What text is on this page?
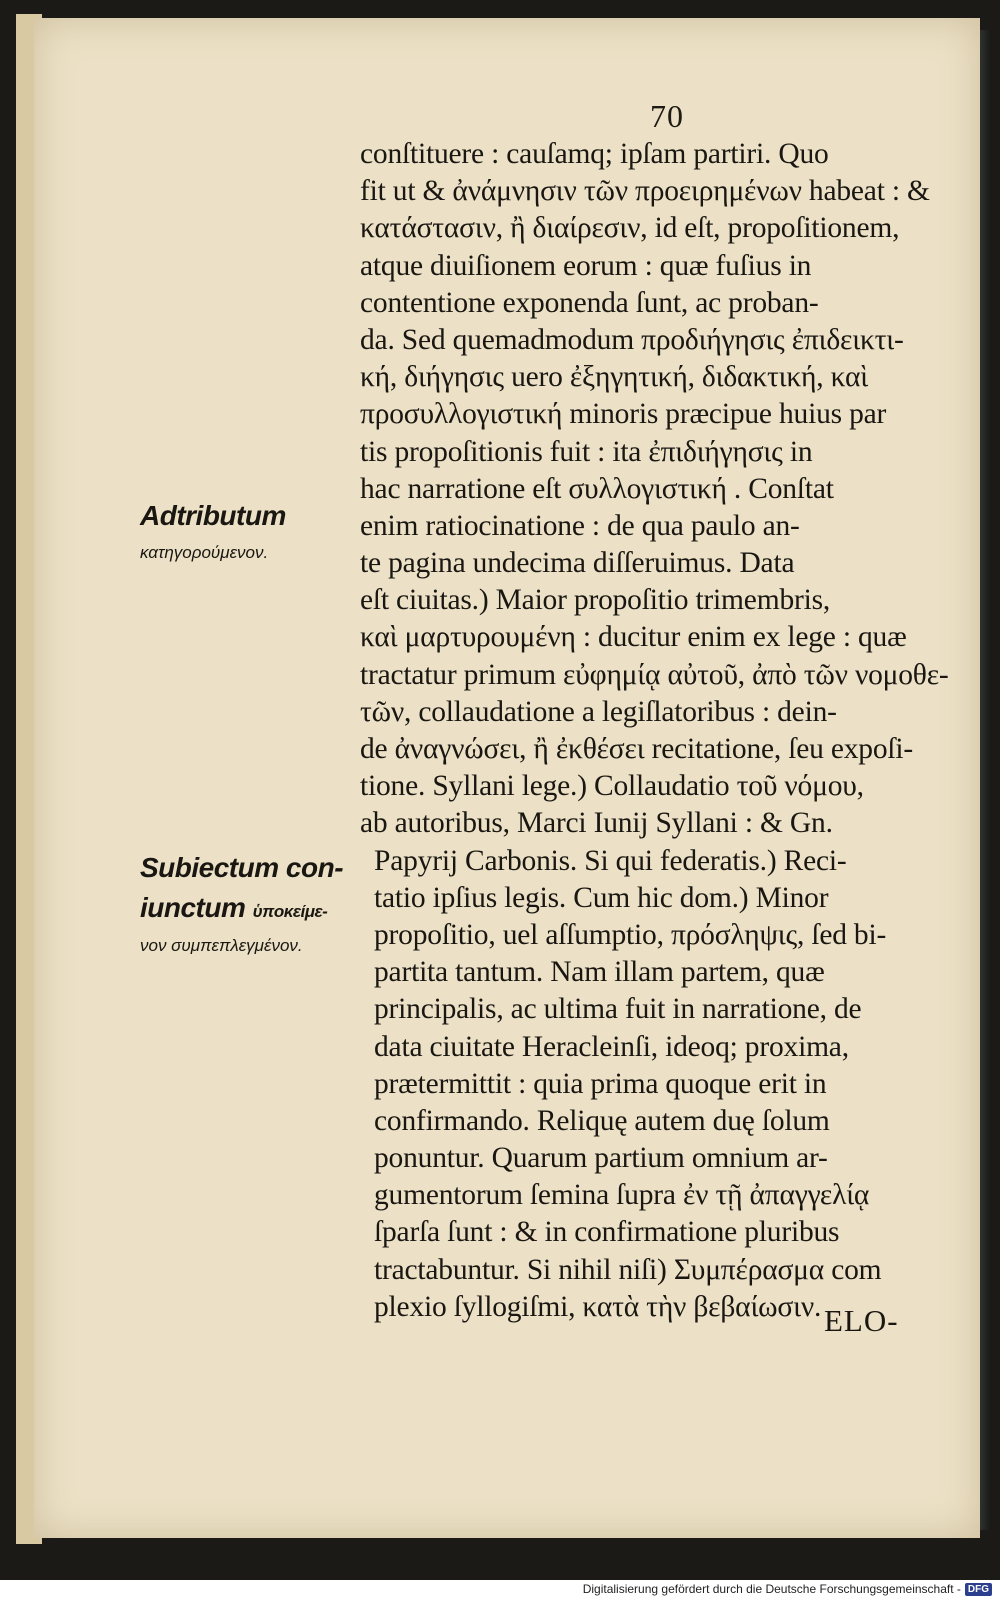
70
conſtituere : cauſamq; ipſam partiri. Quo
fit ut & ἀνάμνησιν τῶν προειρημένων habeat : &
κατάστασιν, ἢ διαίρεσιν, id eſt, propoſitionem,
atque diuiſionem eorum : quæ fuſius in
contentione exponenda ſunt, ac proban-
da. Sed quemadmodum προδιήγησις ἐπιδεικτι-
κή, διήγησις uero ἐξηγητική, διδακτική, καὶ
προσυλλογιστική minoris præcipue huius par
tis propoſitionis fuit : ita ἐπιδιήγησις in
hac narratione eſt συλλογιστική . Conſtat
enim ratiocinatione : de qua paulo an-
te pagina undecima diſſeruimus. Data
eſt ciuitas.) Maior propoſitio trimembris,
καὶ μαρτυρουμένη : ducitur enim ex lege : quæ
tractatur primum εὐφημίᾳ αὐτοῦ, ἀπὸ τῶν νομοθε-
τῶν, collaudatione a legiſlatoribus : dein-
de ἀναγνώσει, ἢ ἐκθέσει recitatione, ſeu expoſi-
tione. Syllani lege.) Collaudatio τοῦ νόμου,
ab autoribus, Marci Iunij Syllani : & Gn.
Papyrij Carbonis. Si qui federatis.) Reci-
tatio ipſius legis. Cum hic dom.) Minor
propoſitio, uel aſſumptio, πρόσληψις, ſed bi-
partita tantum. Nam illam partem, quæ
principalis, ac ultima fuit in narratione, de
data ciuitate Heracleinſi, ideoq; proxima,
prætermittit : quia prima quoque erit in
confirmando. Reliquę autem duę ſolum
ponuntur. Quarum partium omnium ar-
gumentorum ſemina ſupra ἐν τῇ ἀπαγγελίᾳ
ſparſa ſunt : & in confirmatione pluribus
tractabuntur. Si nihil niſi) Συμπέρασμα com
plexio ſyllogiſmi, κατὰ τὴν βεβαίωσιν. ELO-
Adtributum
κατηγορούμενον.
Subiectum con-
iunctum ὑποκείμε-
νον συμπεπλεγμένον.
Digitalisierung gefördert durch die Deutsche Forschungsgemeinschaft - DFG
